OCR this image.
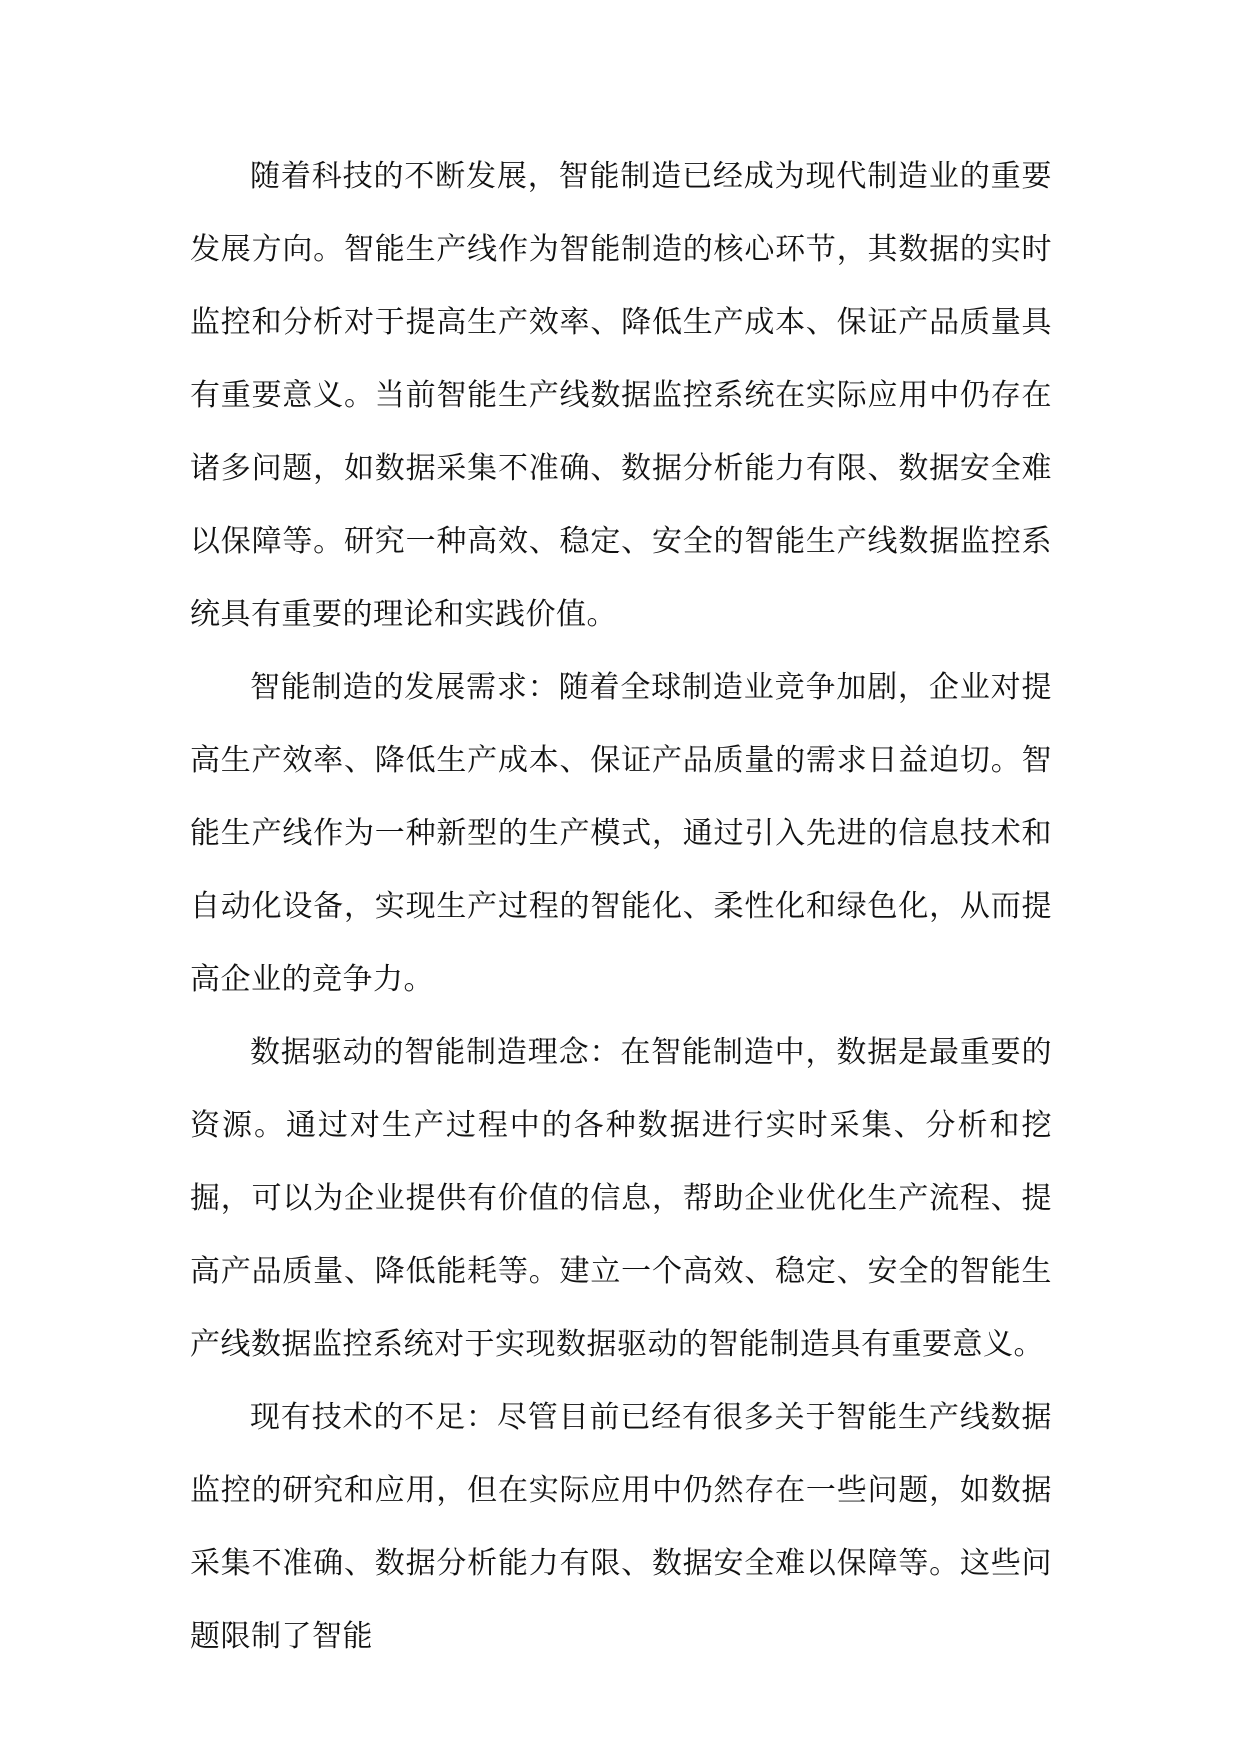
随着科技的不断发展，智能制造已经成为现代制造业的重要发展方向。智能生产线作为智能制造的核心环节，其数据的实时监控和分析对于提高生产效率、降低生产成本、保证产品质量具有重要意义。当前智能生产线数据监控系统在实际应用中仍存在诸多问题，如数据采集不准确、数据分析能力有限、数据安全难以保障等。研究一种高效、稳定、安全的智能生产线数据监控系统具有重要的理论和实践价值。

智能制造的发展需求：随着全球制造业竞争加剧，企业对提高生产效率、降低生产成本、保证产品质量的需求日益迫切。智能生产线作为一种新型的生产模式，通过引入先进的信息技术和自动化设备，实现生产过程的智能化、柔性化和绿色化，从而提高企业的竞争力。

数据驱动的智能制造理念：在智能制造中，数据是最重要的资源。通过对生产过程中的各种数据进行实时采集、分析和挖掘，可以为企业提供有价值的信息，帮助企业优化生产流程、提高产品质量、降低能耗等。建立一个高效、稳定、安全的智能生产线数据监控系统对于实现数据驱动的智能制造具有重要意义。

现有技术的不足：尽管目前已经有很多关于智能生产线数据监控的研究和应用，但在实际应用中仍然存在一些问题，如数据采集不准确、数据分析能力有限、数据安全难以保障等。这些问题限制了智能
